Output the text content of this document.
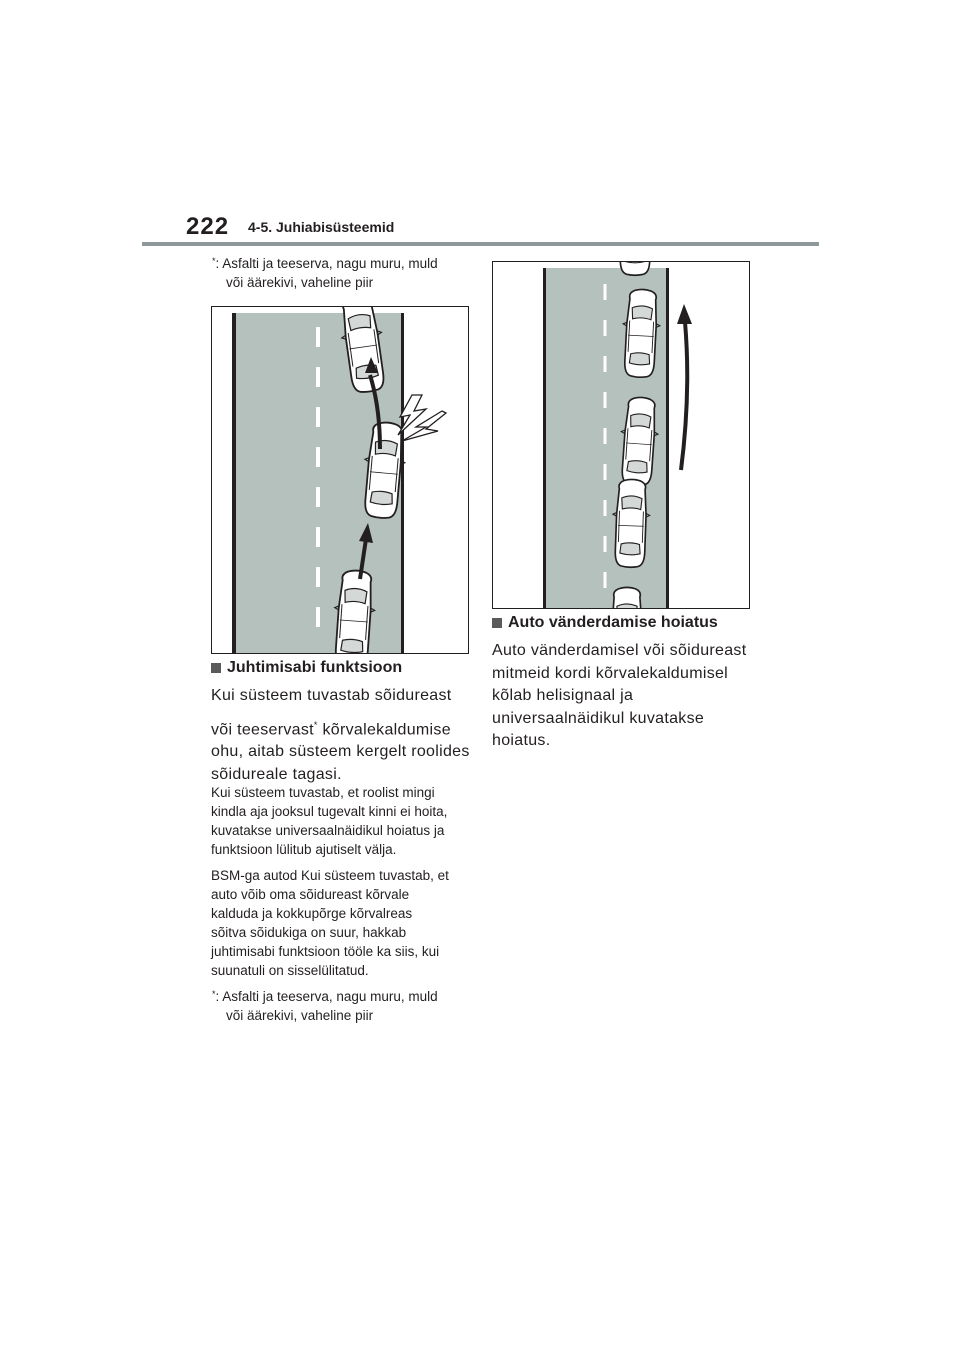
222 4-5. Juhiabisüsteemid
*: Asfalti ja teeserva, nagu muru, muld
või äärekivi, vaheline piir
Juhtimisabi funktsioon
Kui süsteem tuvastab sõidureast
või teeservast* kõrvalekaldumise
ohu, aitab süsteem kergelt roolides
sõidureale tagasi.
Kui süsteem tuvastab, et roolist mingi
kindla aja jooksul tugevalt kinni ei hoita,
kuvatakse universaalnäidikul hoiatus ja
funktsioon lülitub ajutiselt välja.
BSM-ga autod Kui süsteem tuvastab, et
auto võib oma sõidureast kõrvale
kalduda ja kokkupõrge kõrvalreas
sõitva sõidukiga on suur, hakkab
juhtimisabi funktsioon tööle ka siis, kui
suunatuli on sisselülitatud.
*: Asfalti ja teeserva, nagu muru, muld
või äärekivi, vaheline piir
Auto vänderdamise hoiatus
Auto vänderdamisel või sõidureast
mitmeid kordi kõrvalekaldumisel
kõlab helisignaal ja
universaalnäidikul kuvatakse
hoiatus.
